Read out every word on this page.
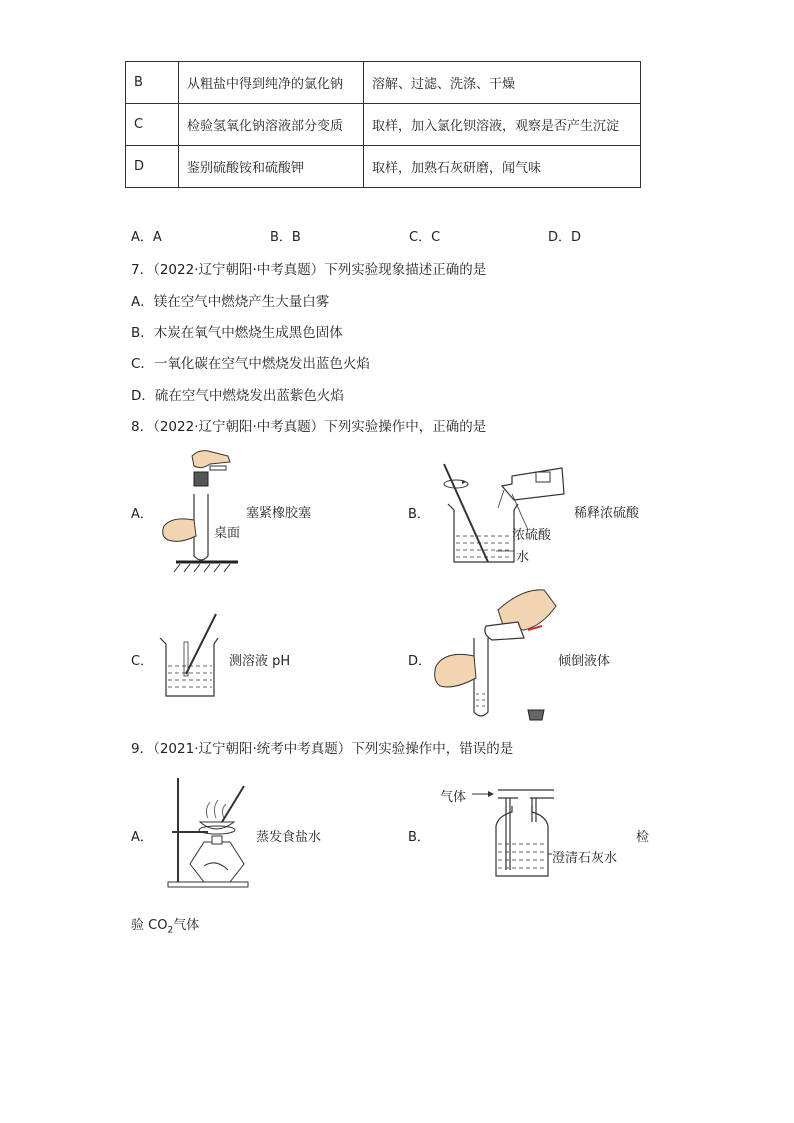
B	从粗盐中得到纯净的氯化钠	溶解、过滤、洗涤、干燥
C	检验氢氧化钠溶液部分变质	取样，加入氯化钡溶液，观察是否产生沉淀
D	鉴别硫酸铵和硫酸钾	取样，加熟石灰研磨，闻气味
A．A	B．B	C．C	D．D
7．（2022·辽宁朝阳·中考真题）下列实验现象描述正确的是
A．镁在空气中燃烧产生大量白雾
B．木炭在氧气中燃烧生成黑色固体
C．一氧化碳在空气中燃烧发出蓝色火焰
D．硫在空气中燃烧发出蓝紫色火焰
8．（2022·辽宁朝阳·中考真题）下列实验操作中，正确的是
A．	塞紧橡胶塞
桌面
B．	稀释浓硫酸
浓硫酸
水
C．	测溶液 pH	D．	倾倒液体
9．（2021·辽宁朝阳·统考中考真题）下列实验操作中，错误的是
A．	蒸发食盐水	B．
气体
澄清石灰水
检
验 $CO_2$气体
